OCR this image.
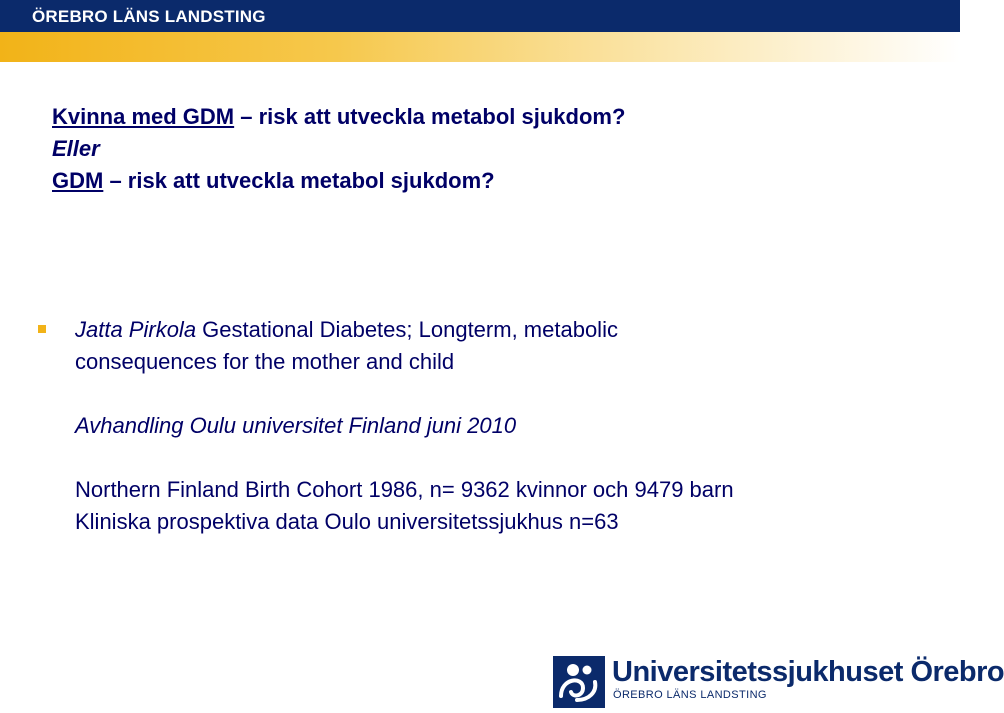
ÖREBRO LÄNS LANDSTING
Kvinna med GDM – risk att utveckla metabol sjukdom?
Eller
GDM – risk att utveckla metabol sjukdom?
Jatta Pirkola Gestational Diabetes; Longterm, metabolic
consequences for the mother and child
Avhandling Oulu universitet Finland juni 2010
Northern Finland Birth Cohort 1986, n= 9362 kvinnor och 9479 barn
Kliniska prospektiva data Oulo universitetssjukhus n=63
Universitetssjukhuset Örebro
ÖREBRO LÄNS LANDSTING
